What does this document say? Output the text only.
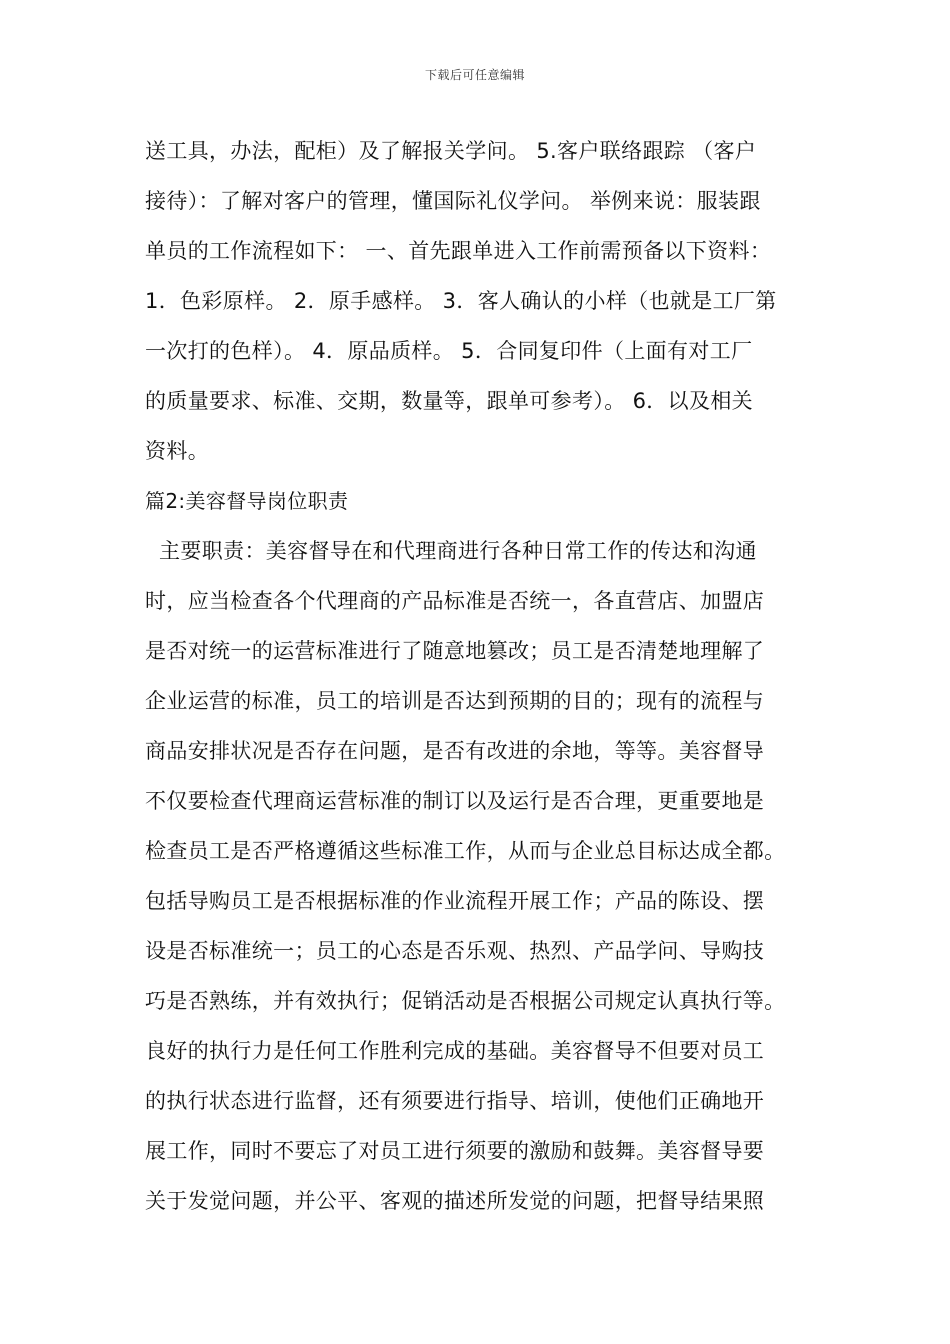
下载后可任意编辑
送工具，办法，配柜）及了解报关学问。 5.客户联络跟踪 （客户
接待）：了解对客户的管理，懂国际礼仪学问。 举例来说：服装跟
单员的工作流程如下： 一、首先跟单进入工作前需预备以下资料：
1．色彩原样。 2．原手感样。 3．客人确认的小样（也就是工厂第
一次打的色样）。 4．原品质样。 5．合同复印件（上面有对工厂
的质量要求、标准、交期，数量等，跟单可参考）。 6．以及相关
资料。
篇2:美容督导岗位职责
主要职责：美容督导在和代理商进行各种日常工作的传达和沟通
时，应当检查各个代理商的产品标准是否统一，各直营店、加盟店
是否对统一的运营标准进行了随意地篡改；员工是否清楚地理解了
企业运营的标准，员工的培训是否达到预期的目的；现有的流程与
商品安排状况是否存在问题，是否有改进的余地，等等。美容督导
不仅要检查代理商运营标准的制订以及运行是否合理，更重要地是
检查员工是否严格遵循这些标准工作，从而与企业总目标达成全都。
包括导购员工是否根据标准的作业流程开展工作；产品的陈设、摆
设是否标准统一；员工的心态是否乐观、热烈、产品学问、导购技
巧是否熟练，并有效执行；促销活动是否根据公司规定认真执行等。
良好的执行力是任何工作胜利完成的基础。美容督导不但要对员工
的执行状态进行监督，还有须要进行指导、培训，使他们正确地开
展工作，同时不要忘了对员工进行须要的激励和鼓舞。美容督导要
关于发觉问题，并公平、客观的描述所发觉的问题，把督导结果照
